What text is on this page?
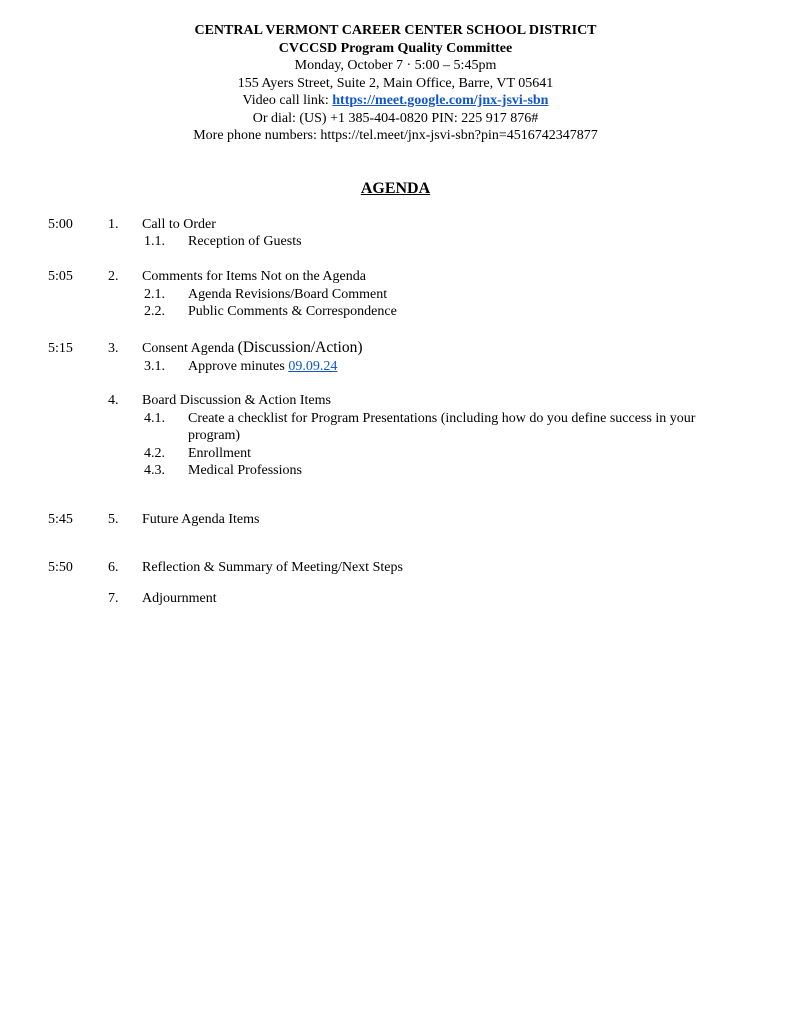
CENTRAL VERMONT CAREER CENTER SCHOOL DISTRICT
CVCCSD Program Quality Committee
Monday, October 7 · 5:00 – 5:45pm
155 Ayers Street, Suite 2, Main Office, Barre, VT 05641
Video call link: https://meet.google.com/jnx-jsvi-sbn
Or dial: (US) +1 385-404-0820 PIN: 225 917 876#
More phone numbers: https://tel.meet/jnx-jsvi-sbn?pin=4516742347877
AGENDA
5:00	1. Call to Order
1.1. Reception of Guests
5:05	2. Comments for Items Not on the Agenda
2.1. Agenda Revisions/Board Comment
2.2. Public Comments & Correspondence
5:15	3. Consent Agenda (Discussion/Action)
3.1. Approve minutes 09.09.24
4. Board Discussion & Action Items
4.1. Create a checklist for Program Presentations (including how do you define success in your program)
4.2. Enrollment
4.3. Medical Professions
5:45	5. Future Agenda Items
5:50	6. Reflection & Summary of Meeting/Next Steps
7. Adjournment
